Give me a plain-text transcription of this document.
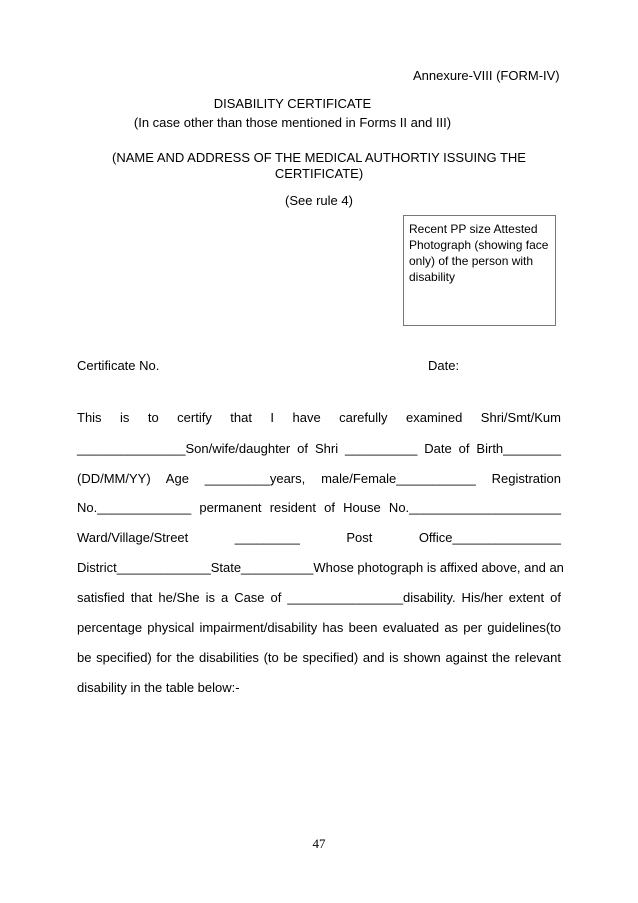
Annexure-VIII (FORM-IV)
DISABILITY CERTIFICATE
(In case other than those mentioned in Forms II and III)
(NAME AND ADDRESS OF THE MEDICAL AUTHORTIY ISSUING THE
CERTIFICATE)
(See rule 4)
Recent PP size Attested Photograph (showing face only) of the person with disability
Certificate No.	Date:
This is to certify that I have carefully examined Shri/Smt/Kum
_______________Son/wife/daughter of Shri __________ Date of Birth________
(DD/MM/YY) Age _________years, male/Female___________ Registration
No._____________ permanent resident of House No._____________________
Ward/Village/Street _________ Post Office_______________
District_____________State__________Whose photograph is affixed above, and an
satisfied that he/She is a Case of ________________disability. His/her extent of
percentage physical impairment/disability has been evaluated as per guidelines(to
be specified) for the disabilities (to be specified) and is shown against the relevant
disability in the table below:-
47
